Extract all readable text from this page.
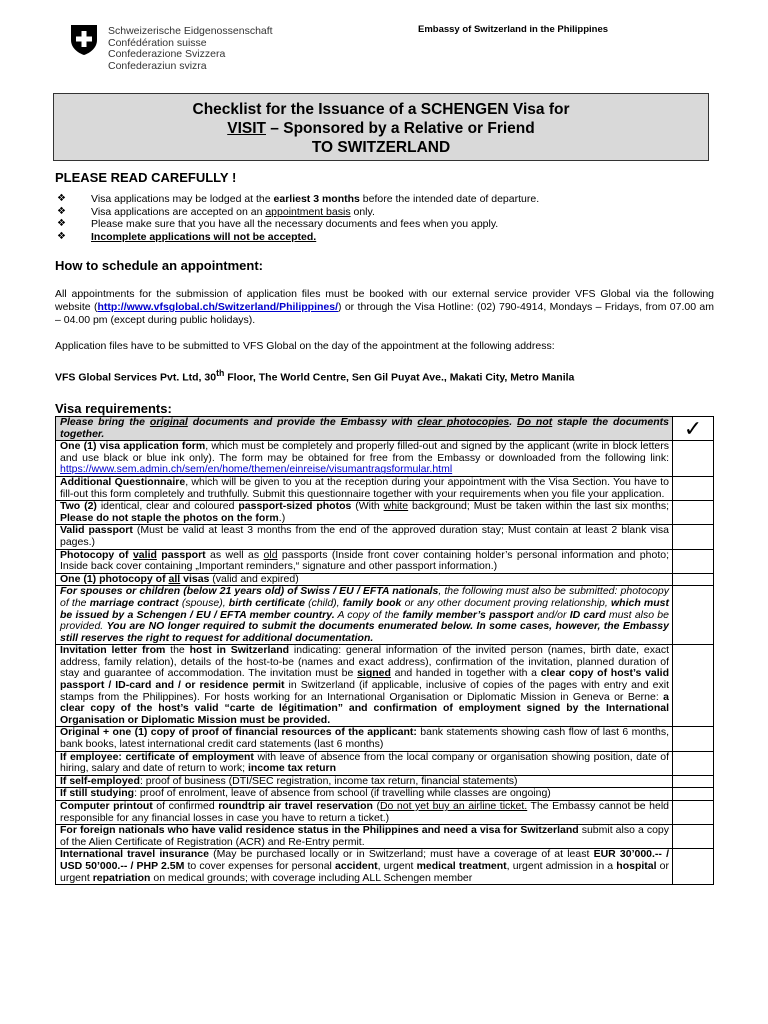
Schweizerische Eidgenossenschaft
Confédération suisse
Confederazione Svizzera
Confederaziun svizra
Embassy of Switzerland in the Philippines
Checklist for the Issuance of a SCHENGEN Visa for
VISIT – Sponsored by a Relative or Friend
TO SWITZERLAND
PLEASE READ CAREFULLY !
❖ Visa applications may be lodged at the earliest 3 months before the intended date of departure.
❖ Visa applications are accepted on an appointment basis only.
❖ Please make sure that you have all the necessary documents and fees when you apply.
❖ Incomplete applications will not be accepted.
How to schedule an appointment:

All appointments for the submission of application files must be booked with our external service provider VFS Global via the following website (http://www.vfsglobal.ch/Switzerland/Philippines/) or through the Visa Hotline: (02) 790-4914, Mondays – Fridays, from 07.00 am – 04.00 pm (except during public holidays).

Application files have to be submitted to VFS Global on the day of the appointment at the following address:

VFS Global Services Pvt. Ltd, 30th Floor, The World Centre, Sen Gil Puyat Ave., Makati City, Metro Manila

Visa requirements:
Please bring the original documents and provide the Embassy with clear photocopies. Do not staple the documents together.	✓
One (1) visa application form, which must be completely and properly filled-out and signed by the applicant (write in block letters and use black or blue ink only). The form may be obtained for free from the Embassy or downloaded from the following link: https://www.sem.admin.ch/sem/en/home/themen/einreise/visumantragsformular.html	
Additional Questionnaire, which will be given to you at the reception during your appointment with the Visa Section. You have to fill-out this form completely and truthfully. Submit this questionnaire together with your requirements when you file your application.	
Two (2) identical, clear and coloured passport-sized photos (With white background; Must be taken within the last six months; Please do not staple the photos on the form.)	
Valid passport (Must be valid at least 3 months from the end of the approved duration stay; Must contain at least 2 blank visa pages.)	
Photocopy of valid passport as well as old passports (Inside front cover containing holder’s personal information and photo; Inside back cover containing „Important reminders,“ signature and other passport information.)	
One (1) photocopy of all visas (valid and expired)	
For spouses or children (below 21 years old) of Swiss / EU / EFTA nationals, the following must also be submitted: photocopy of the marriage contract (spouse), birth certificate (child), family book or any other document proving relationship, which must be issued by a Schengen / EU / EFTA member country. A copy of the family member’s passport and/or ID card must also be provided. You are NO longer required to submit the documents enumerated below. In some cases, however, the Embassy still reserves the right to request for additional documentation.	
Invitation letter from the host in Switzerland indicating: general information of the invited person (names, birth date, exact address, family relation), details of the host-to-be (names and exact address), confirmation of the invitation, planned duration of stay and guarantee of accommodation. The invitation must be signed and handed in together with a clear copy of host’s valid passport / ID-card and / or residence permit in Switzerland (if applicable, inclusive of copies of the pages with entry and exit stamps from the Philippines). For hosts working for an International Organisation or Diplomatic Mission in Geneva or Berne: a clear copy of the host’s valid “carte de légitimation” and confirmation of employment signed by the International Organisation or Diplomatic Mission must be provided.	
Original + one (1) copy of proof of financial resources of the applicant: bank statements showing cash flow of last 6 months, bank books, latest international credit card statements (last 6 months)	
If employee: certificate of employment with leave of absence from the local company or organisation showing position, date of hiring, salary and date of return to work; income tax return	
If self-employed: proof of business (DTI/SEC registration, income tax return, financial statements)	
If still studying: proof of enrolment, leave of absence from school (if travelling while classes are ongoing)	
Computer printout of confirmed roundtrip air travel reservation (Do not yet buy an airline ticket. The Embassy cannot be held responsible for any financial losses in case you have to return a ticket.)	
For foreign nationals who have valid residence status in the Philippines and need a visa for Switzerland submit also a copy of the Alien Certificate of Registration (ACR) and Re-Entry permit.	
International travel insurance (May be purchased locally or in Switzerland; must have a coverage of at least EUR 30’000.-- / USD 50’000.-- / PHP 2.5M to cover expenses for personal accident, urgent medical treatment, urgent admission in a hospital or urgent repatriation on medical grounds; with coverage including ALL Schengen member	
